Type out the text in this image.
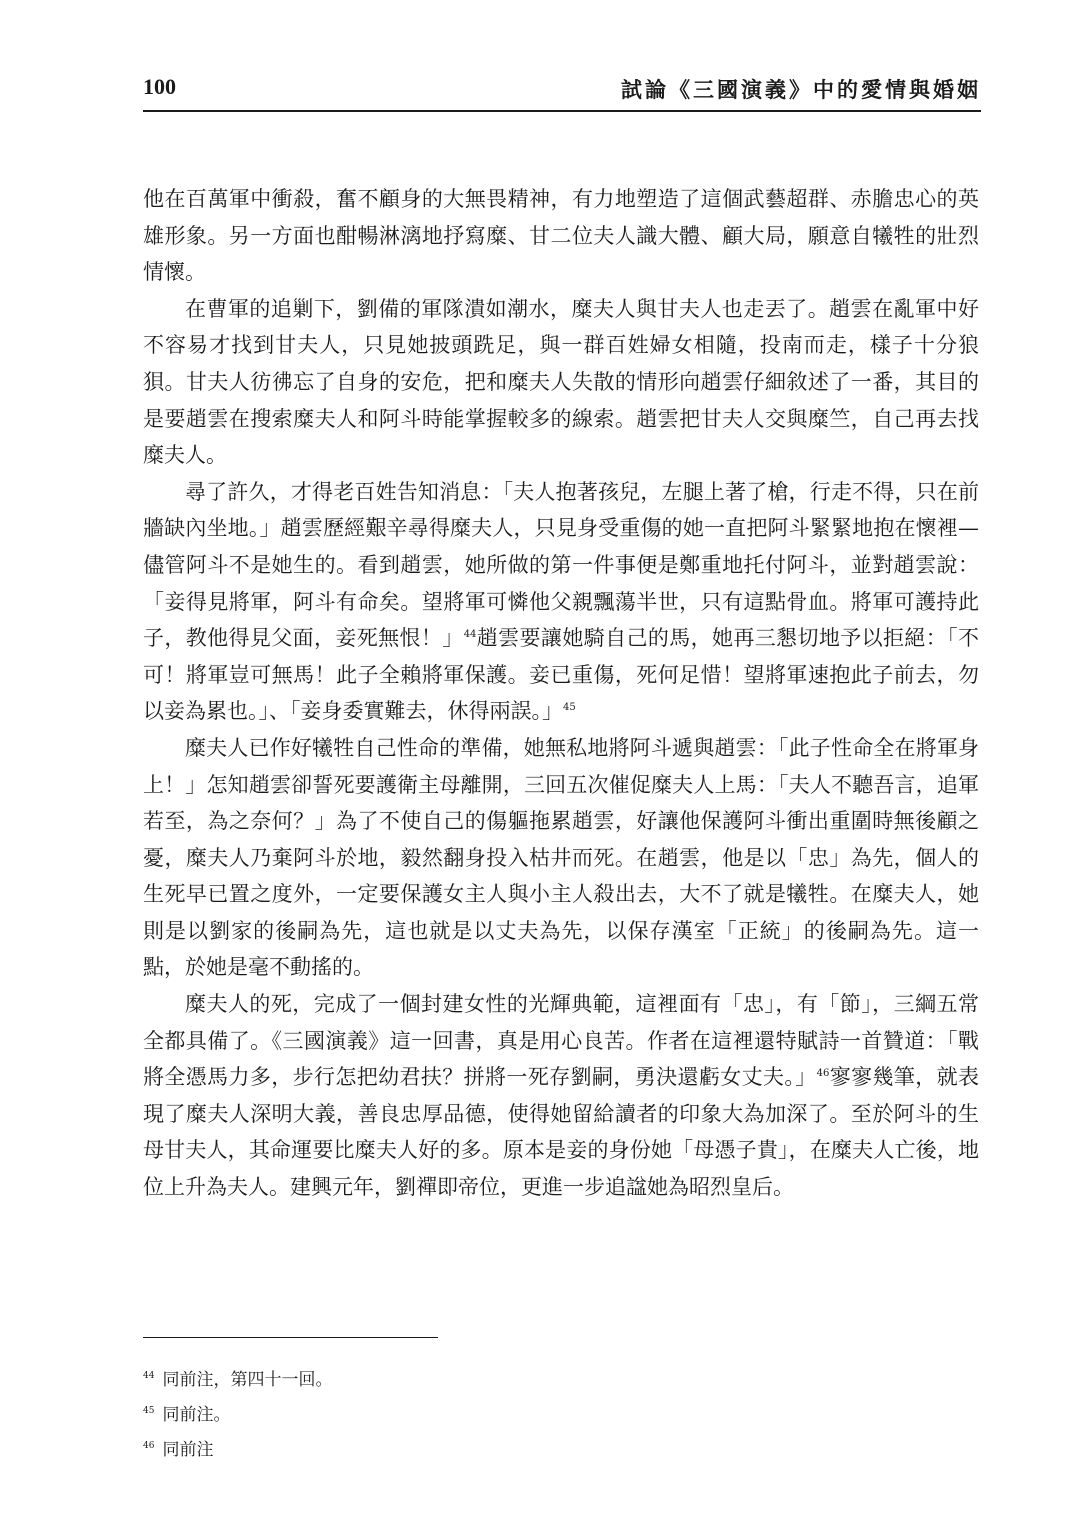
100	試論《三國演義》中的愛情與婚姻

他在百萬軍中衝殺，奮不顧身的大無畏精神，有力地塑造了這個武藝超群、赤膽忠心的英雄形象。另一方面也酣暢淋漓地抒寫糜、甘二位夫人識大體、顧大局，願意自犧牲的壯烈情懷。

在曹軍的追剿下，劉備的軍隊潰如潮水，糜夫人與甘夫人也走丟了。趙雲在亂軍中好不容易才找到甘夫人，只見她披頭跣足，與一群百姓婦女相隨，投南而走，樣子十分狼狽。甘夫人彷彿忘了自身的安危，把和糜夫人失散的情形向趙雲仔細敘述了一番，其目的是要趙雲在搜索糜夫人和阿斗時能掌握較多的線索。趙雲把甘夫人交與糜竺，自己再去找糜夫人。

尋了許久，才得老百姓告知消息：「夫人抱著孩兒，左腿上著了槍，行走不得，只在前牆缺內坐地。」趙雲歷經艱辛尋得糜夫人，只見身受重傷的她一直把阿斗緊緊地抱在懷裡—儘管阿斗不是她生的。看到趙雲，她所做的第一件事便是鄭重地托付阿斗，並對趙雲說：「妾得見將軍，阿斗有命矣。望將軍可憐他父親飄蕩半世，只有這點骨血。將軍可護持此子，教他得見父面，妾死無恨！」$^{44}$趙雲要讓她騎自己的馬，她再三懇切地予以拒絕：「不可！將軍豈可無馬！此子全賴將軍保護。妾已重傷，死何足惜！望將軍速抱此子前去，勿以妾為累也。」、「妾身委實難去，休得兩誤。」$^{45}$

糜夫人已作好犧牲自己性命的準備，她無私地將阿斗遞與趙雲：「此子性命全在將軍身上！」怎知趙雲卻誓死要護衛主母離開，三回五次催促糜夫人上馬：「夫人不聽吾言，追軍若至，為之奈何？」為了不使自己的傷軀拖累趙雲，好讓他保護阿斗衝出重圍時無後顧之憂，糜夫人乃棄阿斗於地，毅然翻身投入枯井而死。在趙雲，他是以「忠」為先，個人的生死早已置之度外，一定要保護女主人與小主人殺出去，大不了就是犧牲。在糜夫人，她則是以劉家的後嗣為先，這也就是以丈夫為先，以保存漢室「正統」的後嗣為先。這一點，於她是毫不動搖的。

糜夫人的死，完成了一個封建女性的光輝典範，這裡面有「忠」，有「節」，三綱五常全都具備了。《三國演義》這一回書，真是用心良苦。作者在這裡還特賦詩一首贊道：「戰將全憑馬力多，步行怎把幼君扶？拼將一死存劉嗣，勇決還虧女丈夫。」$^{46}$寥寥幾筆，就表現了糜夫人深明大義，善良忠厚品德，使得她留給讀者的印象大為加深了。至於阿斗的生母甘夫人，其命運要比糜夫人好的多。原本是妾的身份她「母憑子貴」，在糜夫人亡後，地位上升為夫人。建興元年，劉禪即帝位，更進一步追諡她為昭烈皇后。

$^{44}$ 同前注，第四十一回。
$^{45}$ 同前注。
$^{46}$ 同前注
